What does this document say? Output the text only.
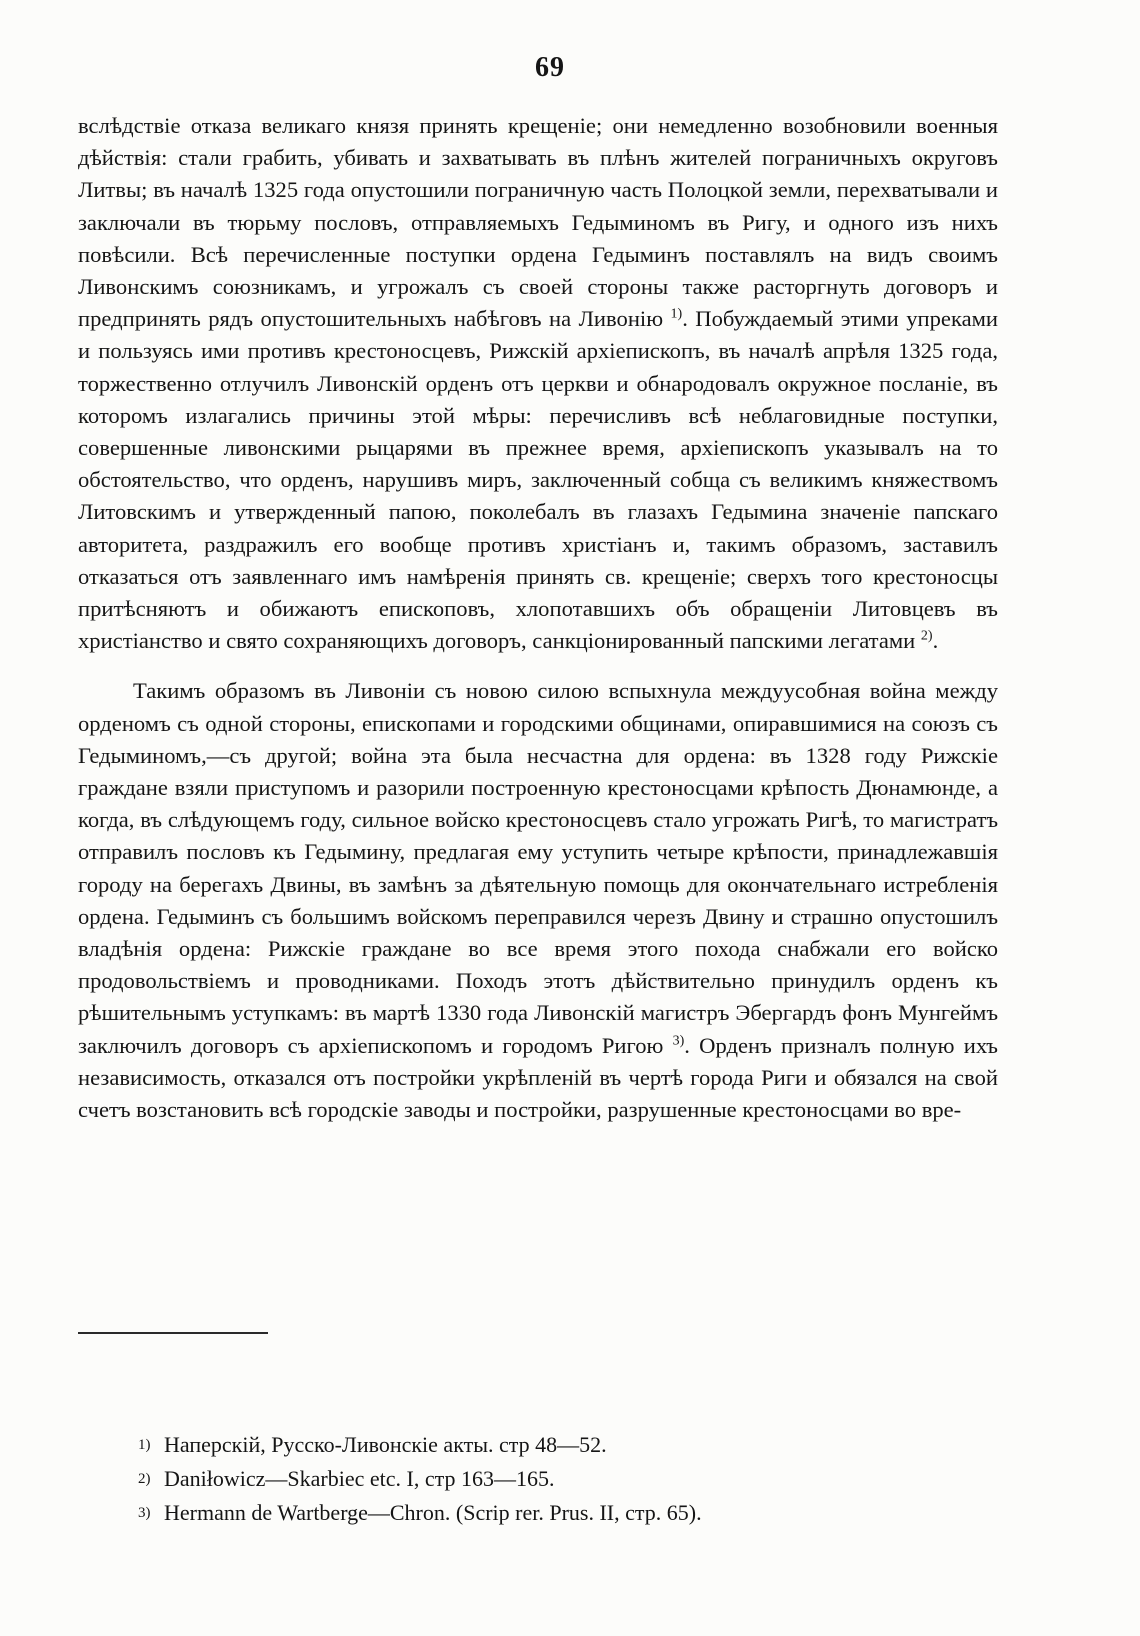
69

вслѣдствіе отказа великаго князя принять крещеніе; они немедленно возобновили военныя дѣйствія: стали грабить, убивать и захватывать въ плѣнъ жителей пограничныхъ округовъ Литвы; въ началѣ 1325 года опустошили пограничную часть Полоцкой земли, перехватывали и заключали въ тюрьму пословъ, отправляемыхъ Гедыминомъ въ Ригу, и одного изъ нихъ повѣсили. Всѣ перечисленные поступки ордена Гедыминъ поставлялъ на видъ своимъ Ливонскимъ союзникамъ, и угрожалъ съ своей стороны также расторгнуть договоръ и предпринять рядъ опустошительныхъ набѣговъ на Ливонію $^{1)}$. Побуждаемый этими упреками и пользуясь ими противъ крестоносцевъ, Рижскій архіепископъ, въ началѣ апрѣля 1325 года, торжественно отлучилъ Ливонскій орденъ отъ церкви и обнародовалъ окружное посланіе, въ которомъ излагались причины этой мѣры: перечисливъ всѣ неблаговидные поступки, совершенные ливонскими рыцарями въ прежнее время, архіепископъ указывалъ на то обстоятельство, что орденъ, нарушивъ миръ, заключенный собща съ великимъ княжествомъ Литовскимъ и утвержденный папою, поколебалъ въ глазахъ Гедымина значеніе папскаго авторитета, раздражилъ его вообще противъ христіанъ и, такимъ образомъ, заставилъ отказаться отъ заявленнаго имъ намѣренія принять св. крещеніе; сверхъ того крестоносцы притѣсняютъ и обижаютъ епископовъ, хлопотавшихъ объ обращеніи Литовцевъ въ христіанство и свято сохраняющихъ договоръ, санкціонированный папскими легатами $^{2)}$.

Такимъ образомъ въ Ливоніи съ новою силою вспыхнула междуусобная война между орденомъ съ одной стороны, епископами и городскими общинами, опиравшимися на союзъ съ Гедыминомъ,—съ другой; война эта была несчастна для ордена: въ 1328 году Рижскіе граждане взяли приступомъ и разорили построенную крестоносцами крѣпость Дюнамюнде, а когда, въ слѣдующемъ году, сильное войско крестоносцевъ стало угрожать Ригѣ, то магистратъ отправилъ пословъ къ Гедымину, предлагая ему уступить четыре крѣпости, принадлежавшія городу на берегахъ Двины, въ замѣнъ за дѣятельную помощь для окончательнаго истребленія ордена. Гедыминъ съ большимъ войскомъ переправился черезъ Двину и страшно опустошилъ владѣнія ордена: Рижскіе граждане во все время этого похода снабжали его войско продовольствіемъ и проводниками. Походъ этотъ дѣйствительно принудилъ орденъ къ рѣшительнымъ уступкамъ: въ мартѣ 1330 года Ливонскій магистръ Эбергардъ фонъ Мунгеймъ заключилъ договоръ съ архіепископомъ и городомъ Ригою $^{3)}$. Орденъ призналъ полную ихъ независимость, отказался отъ постройки укрѣпленій въ чертѣ города Риги и обязался на свой счетъ возстановить всѣ городскіе заводы и постройки, разрушенные крестоносцами во вре-

1) Наперскій, Русско-Ливонскіе акты. стр 48—52.
2) Daniłowicz—Skarbiec etc. I, стр 163—165.
3) Hermann de Wartberge—Chron. (Scrip rer. Prus. II, стр. 65).
